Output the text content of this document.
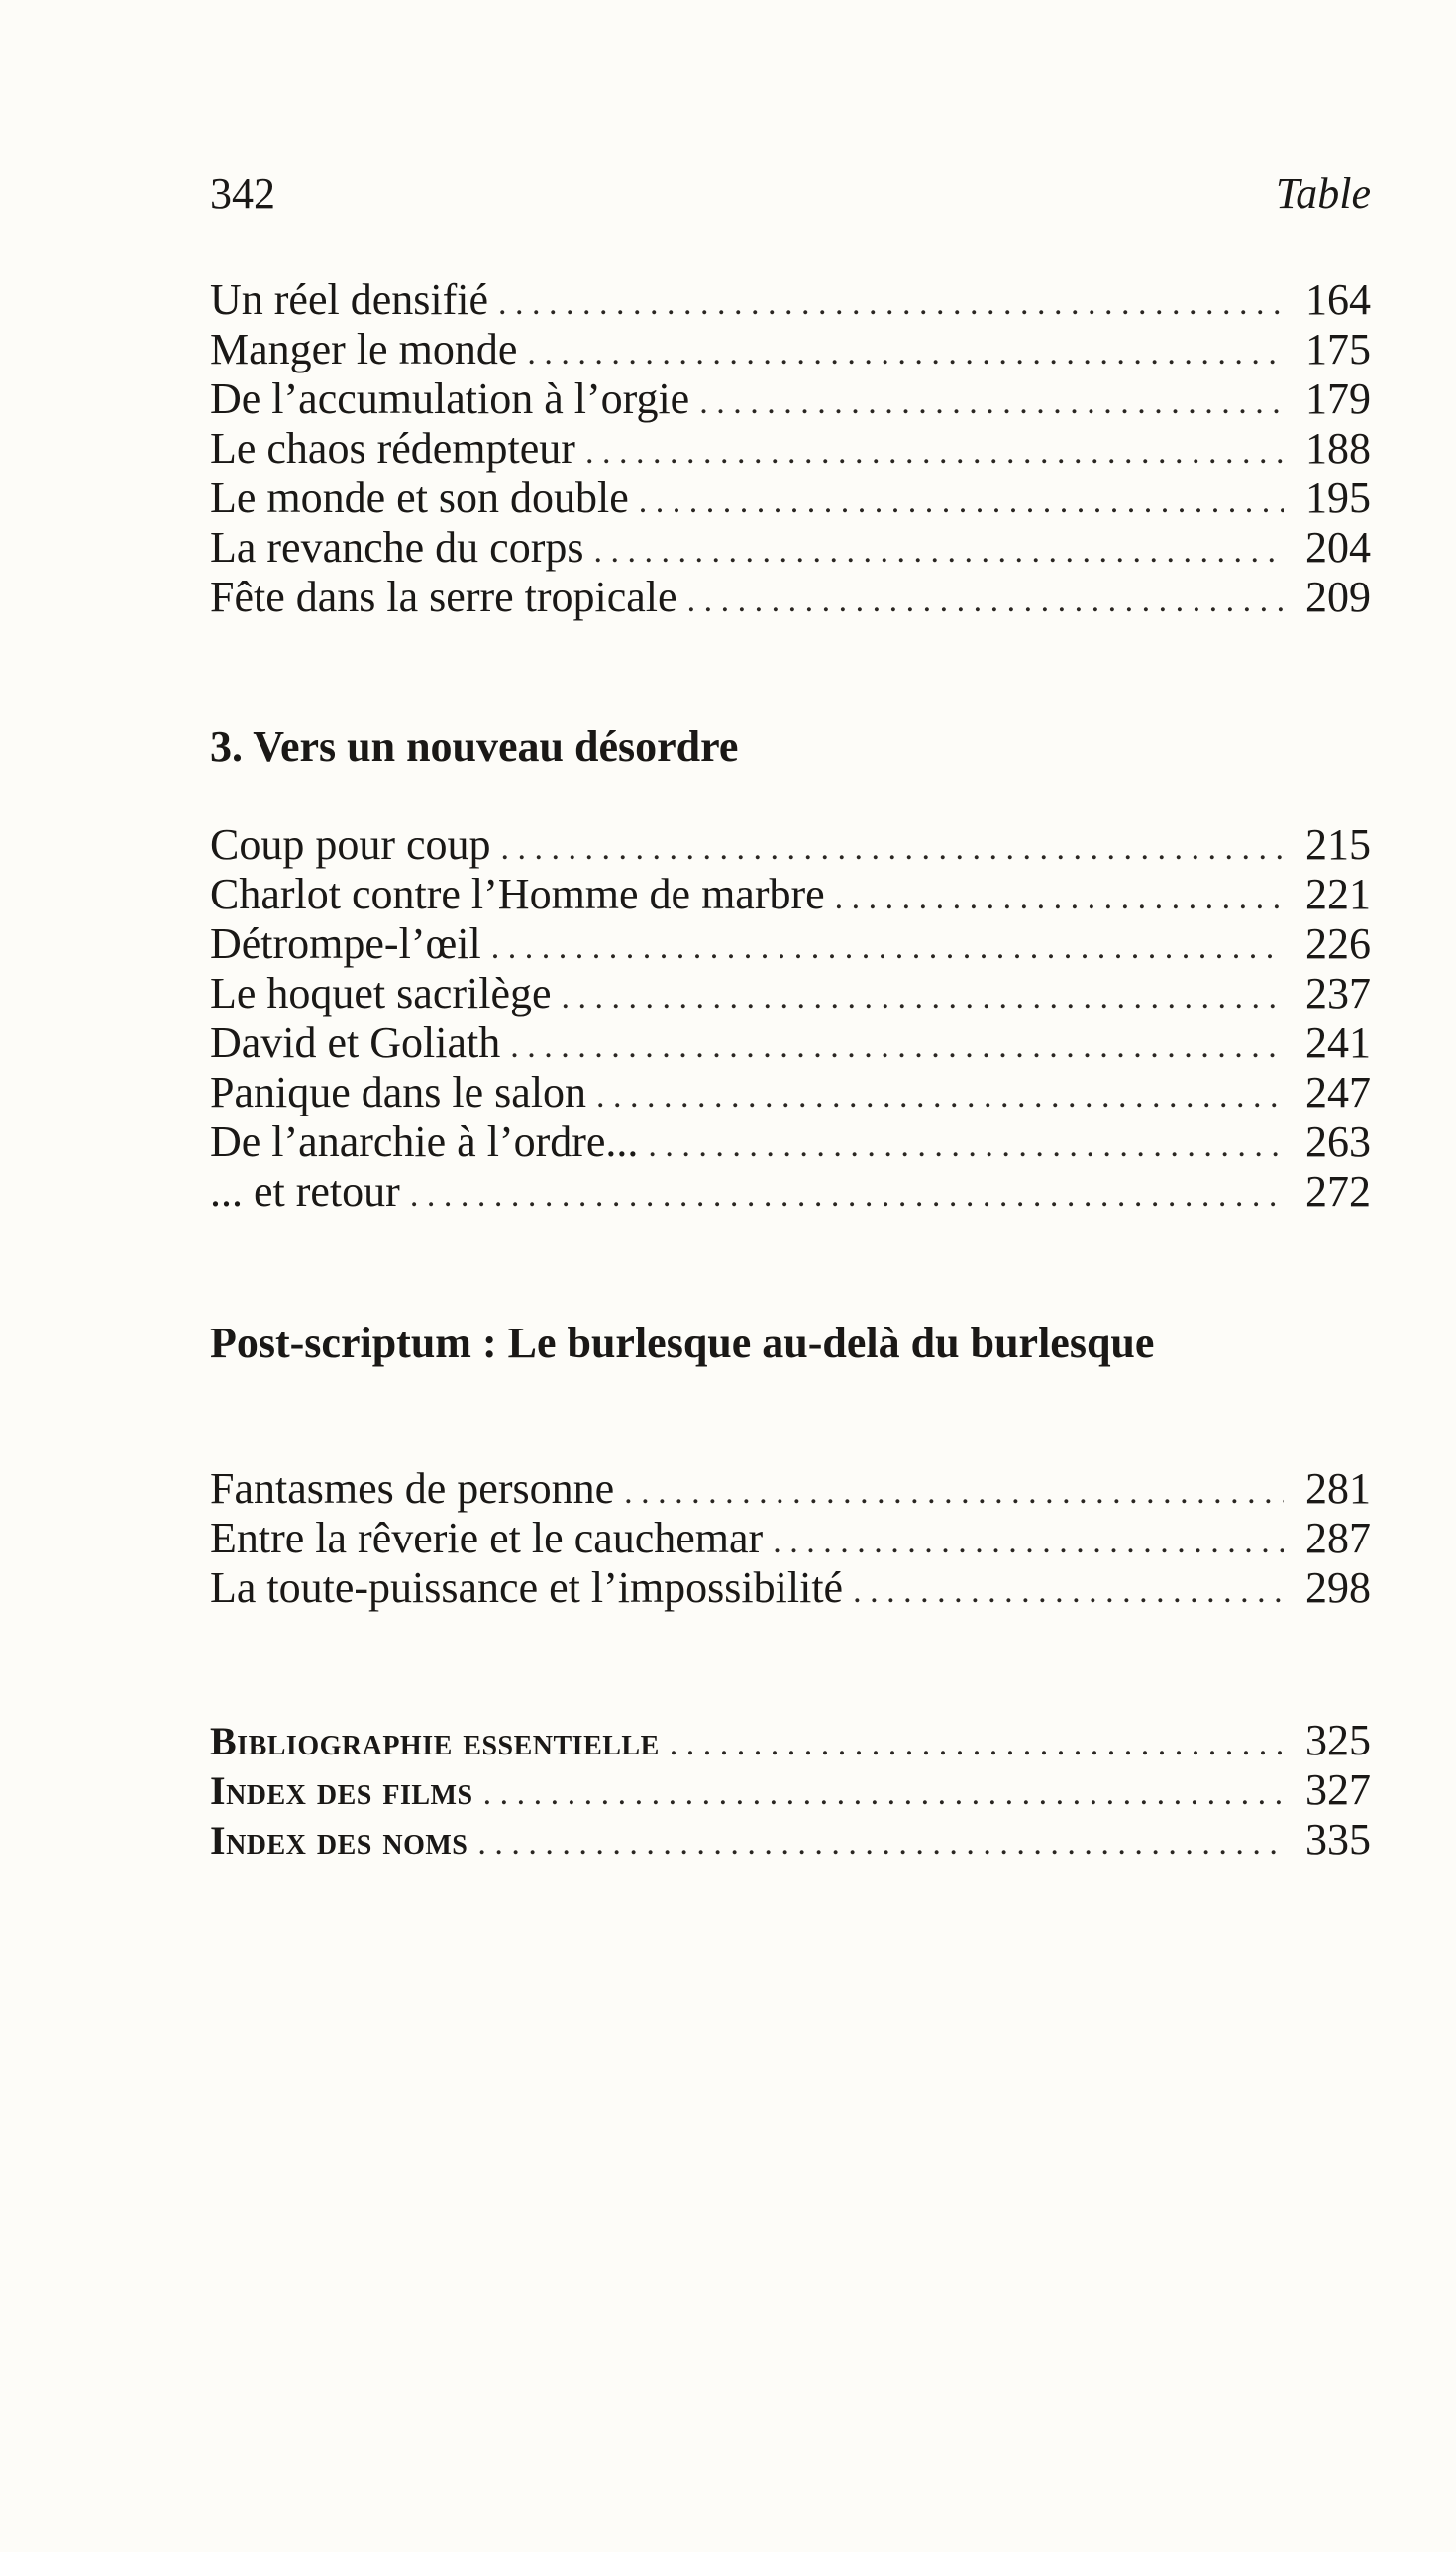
342	Table
Un réel densifié . . .	164
Manger le monde . . .	175
De l’accumulation à l’orgie . . .	179
Le chaos rédempteur . . .	188
Le monde et son double . . .	195
La revanche du corps . . .	204
Fête dans la serre tropicale . . .	209
3. Vers un nouveau désordre
Coup pour coup . . .	215
Charlot contre l’Homme de marbre . . .	221
Détrompe-l’œil . . .	226
Le hoquet sacrilège . . .	237
David et Goliath . . .	241
Panique dans le salon . . .	247
De l’anarchie à l’ordre... . . .	263
... et retour . . .	272
Post-scriptum : Le burlesque au-delà du burlesque
Fantasmes de personne . . .	281
Entre la rêverie et le cauchemar . . .	287
La toute-puissance et l’impossibilité . . .	298
Bibliographie essentielle . . .	325
Index des films . . .	327
Index des noms . . .	335
